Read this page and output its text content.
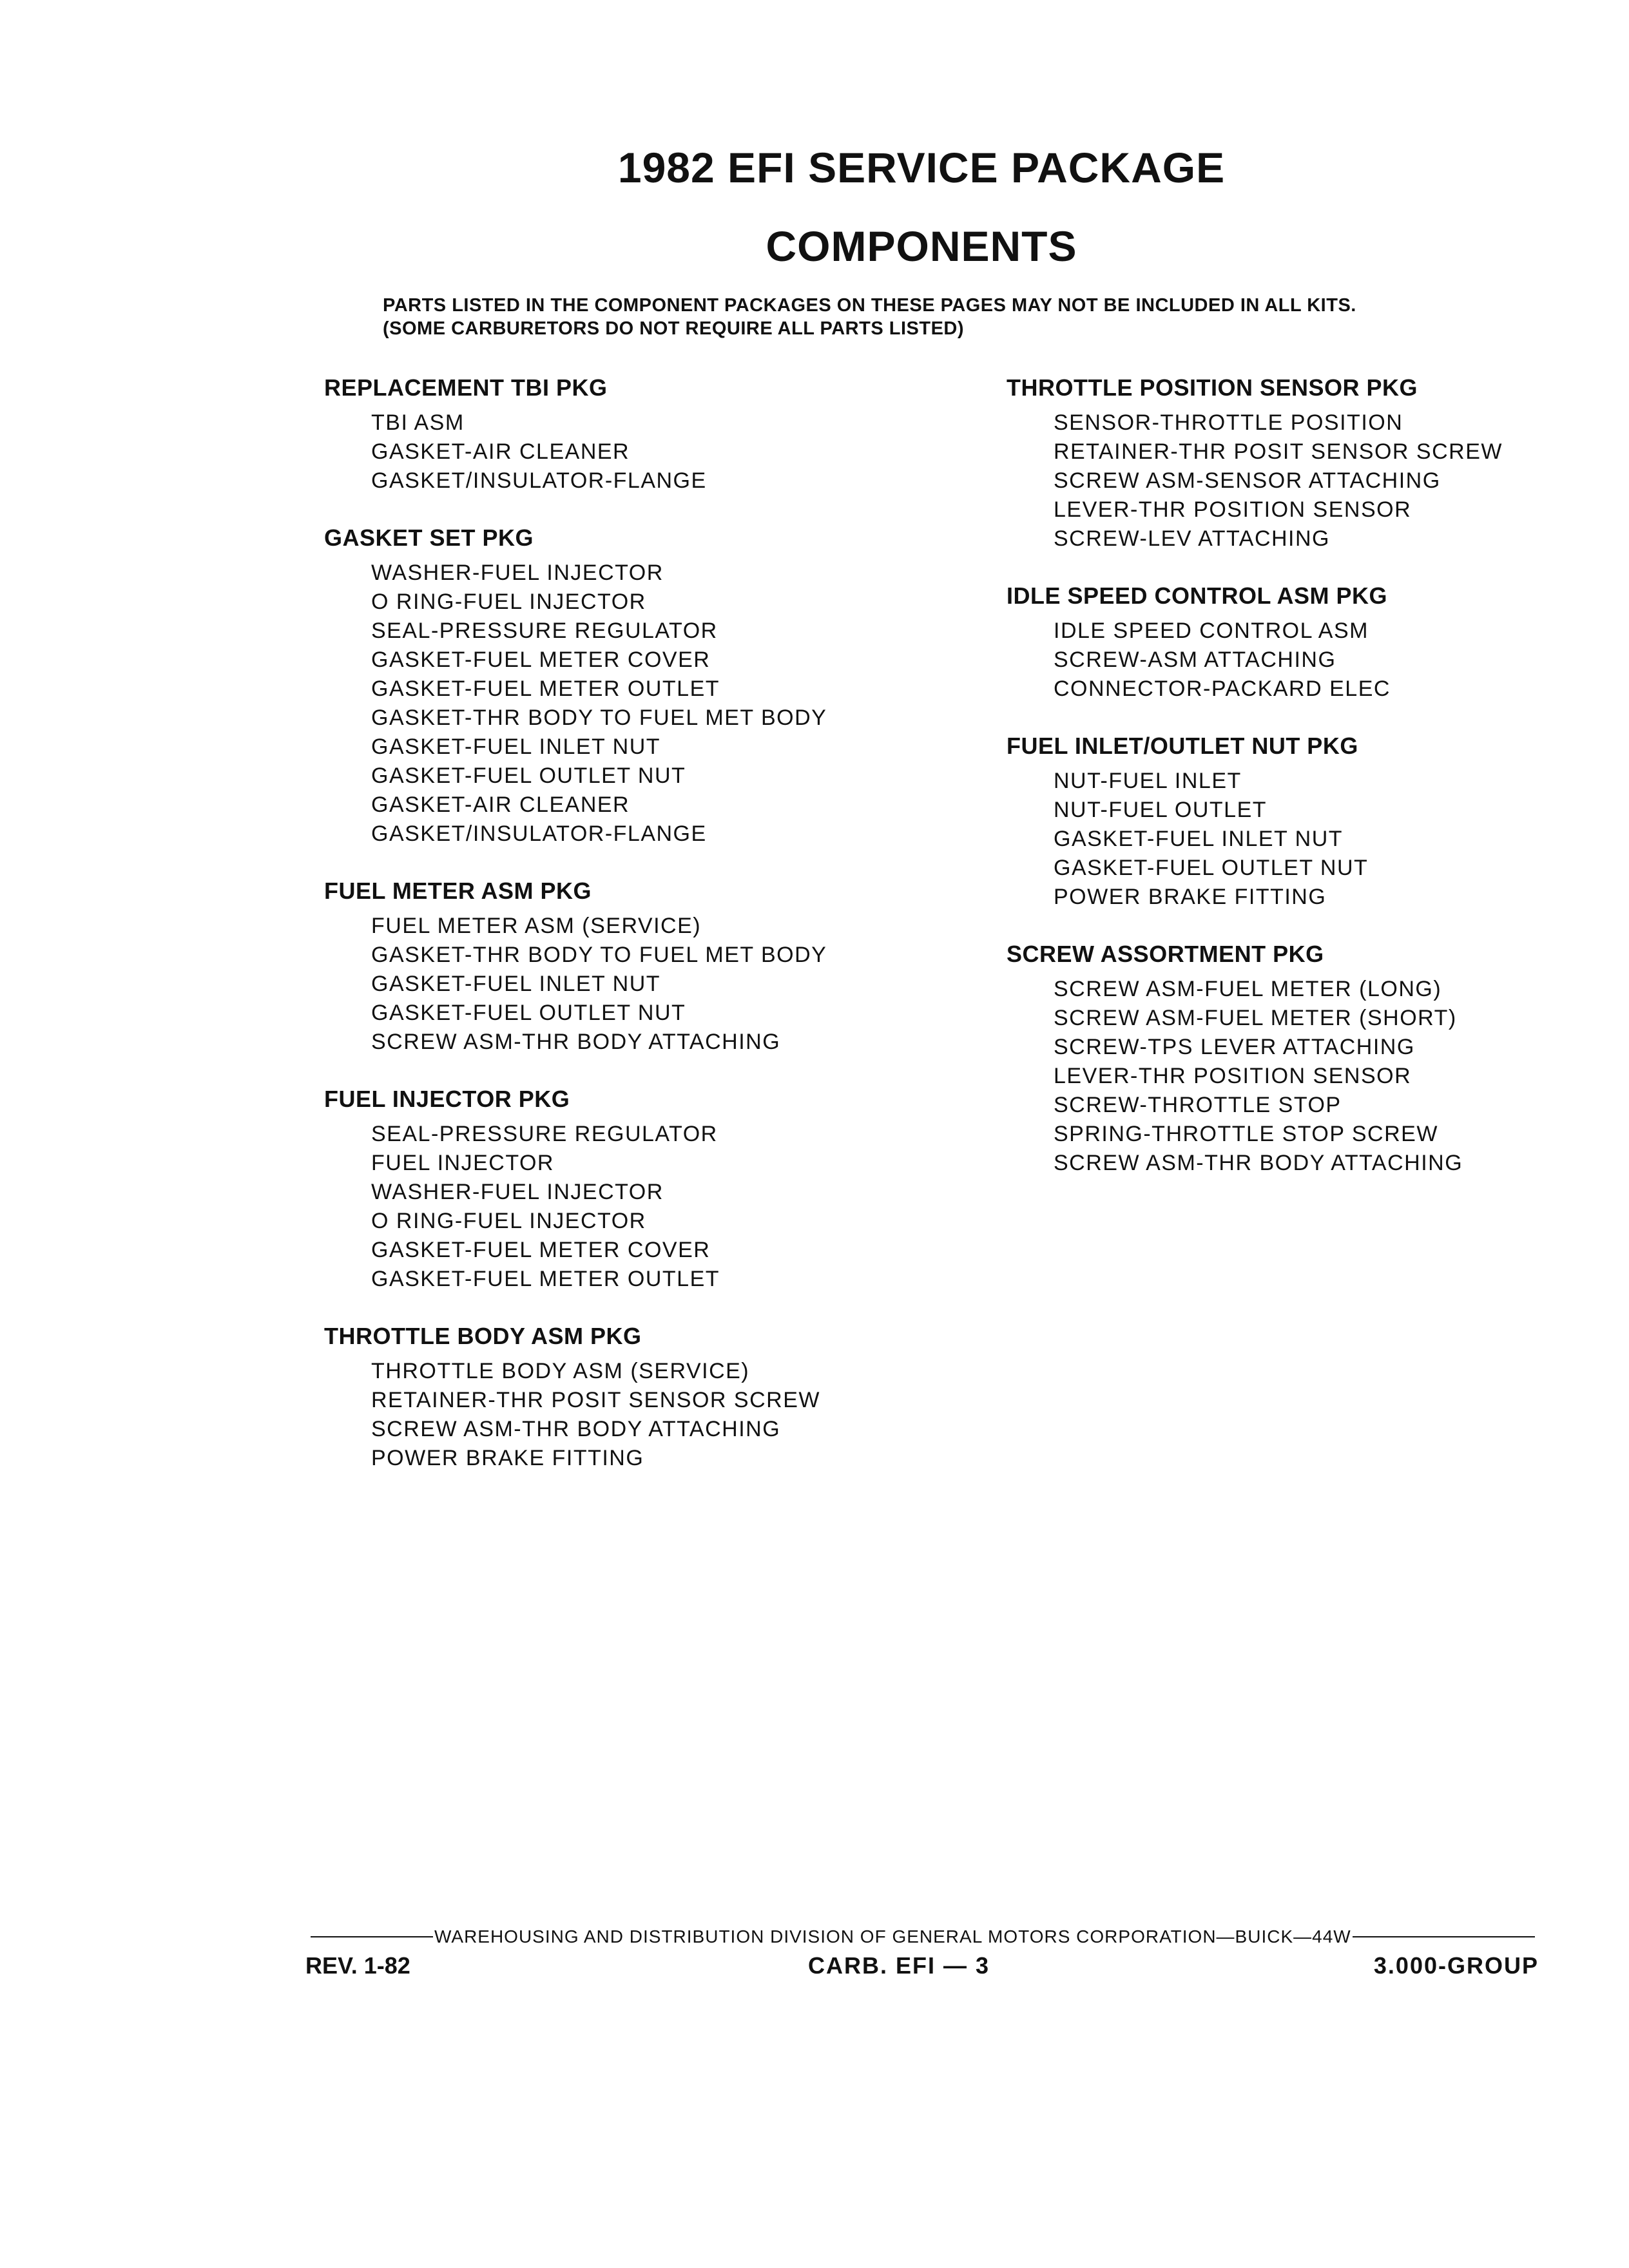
1982 EFI SERVICE PACKAGE
COMPONENTS
PARTS LISTED IN THE COMPONENT PACKAGES ON THESE PAGES MAY NOT BE INCLUDED IN ALL KITS.
(SOME CARBURETORS DO NOT REQUIRE ALL PARTS LISTED)
REPLACEMENT TBI PKG
TBI ASM
GASKET-AIR CLEANER
GASKET/INSULATOR-FLANGE
GASKET SET PKG
WASHER-FUEL INJECTOR
O RING-FUEL INJECTOR
SEAL-PRESSURE REGULATOR
GASKET-FUEL METER COVER
GASKET-FUEL METER OUTLET
GASKET-THR BODY TO FUEL MET BODY
GASKET-FUEL INLET NUT
GASKET-FUEL OUTLET NUT
GASKET-AIR CLEANER
GASKET/INSULATOR-FLANGE
FUEL METER ASM PKG
FUEL METER ASM (SERVICE)
GASKET-THR BODY TO FUEL MET BODY
GASKET-FUEL INLET NUT
GASKET-FUEL OUTLET NUT
SCREW ASM-THR BODY ATTACHING
FUEL INJECTOR PKG
SEAL-PRESSURE REGULATOR
FUEL INJECTOR
WASHER-FUEL INJECTOR
O RING-FUEL INJECTOR
GASKET-FUEL METER COVER
GASKET-FUEL METER OUTLET
THROTTLE BODY ASM PKG
THROTTLE BODY ASM (SERVICE)
RETAINER-THR POSIT SENSOR SCREW
SCREW ASM-THR BODY ATTACHING
POWER BRAKE FITTING
THROTTLE POSITION SENSOR PKG
SENSOR-THROTTLE POSITION
RETAINER-THR POSIT SENSOR SCREW
SCREW ASM-SENSOR ATTACHING
LEVER-THR POSITION SENSOR
SCREW-LEV ATTACHING
IDLE SPEED CONTROL ASM PKG
IDLE SPEED CONTROL ASM
SCREW-ASM ATTACHING
CONNECTOR-PACKARD ELEC
FUEL INLET/OUTLET NUT PKG
NUT-FUEL INLET
NUT-FUEL OUTLET
GASKET-FUEL INLET NUT
GASKET-FUEL OUTLET NUT
POWER BRAKE FITTING
SCREW ASSORTMENT PKG
SCREW ASM-FUEL METER (LONG)
SCREW ASM-FUEL METER (SHORT)
SCREW-TPS LEVER ATTACHING
LEVER-THR POSITION SENSOR
SCREW-THROTTLE STOP
SPRING-THROTTLE STOP SCREW
SCREW ASM-THR BODY ATTACHING
WAREHOUSING AND DISTRIBUTION DIVISION OF GENERAL MOTORS CORPORATION—BUICK—44W
REV. 1-82	CARB. EFI — 3	3.000-GROUP
